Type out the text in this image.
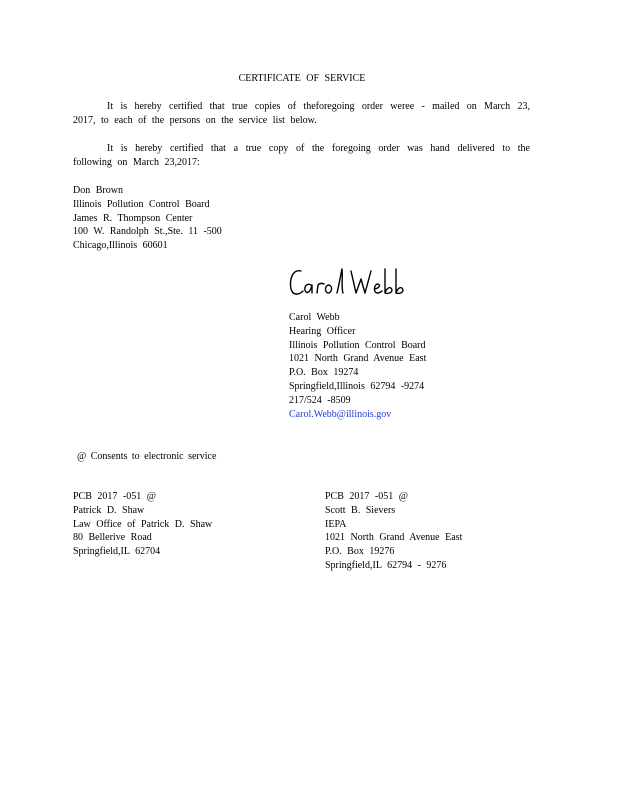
CERTIFICATE OF SERVICE
It is hereby certified that true copies of theforegoing order weree - mailed on March 23, 2017, to each of the persons on the service list below.
It is hereby certified that a true copy of the foregoing order was hand delivered to the following on March 23,2017:
Don Brown
Illinois Pollution Control Board
James R. Thompson Center
100 W. Randolph St.,Ste. 11 -500
Chicago,Illinois 60601
Carol Webb
Hearing Officer
Illinois Pollution Control Board
1021 North Grand Avenue East
P.O. Box 19274
Springfield,Illinois 62794 -9274
217/524 -8509
Carol.Webb@illinois.gov
@ Consents to electronic service
PCB 2017 -051 @
Patrick D. Shaw
Law Office of Patrick D. Shaw
80 Bellerive Road
Springfield,IL 62704
PCB 2017 -051 @
Scott B. Sievers
IEPA
1021 North Grand Avenue East
P.O. Box 19276
Springfield,IL 62794 - 9276
